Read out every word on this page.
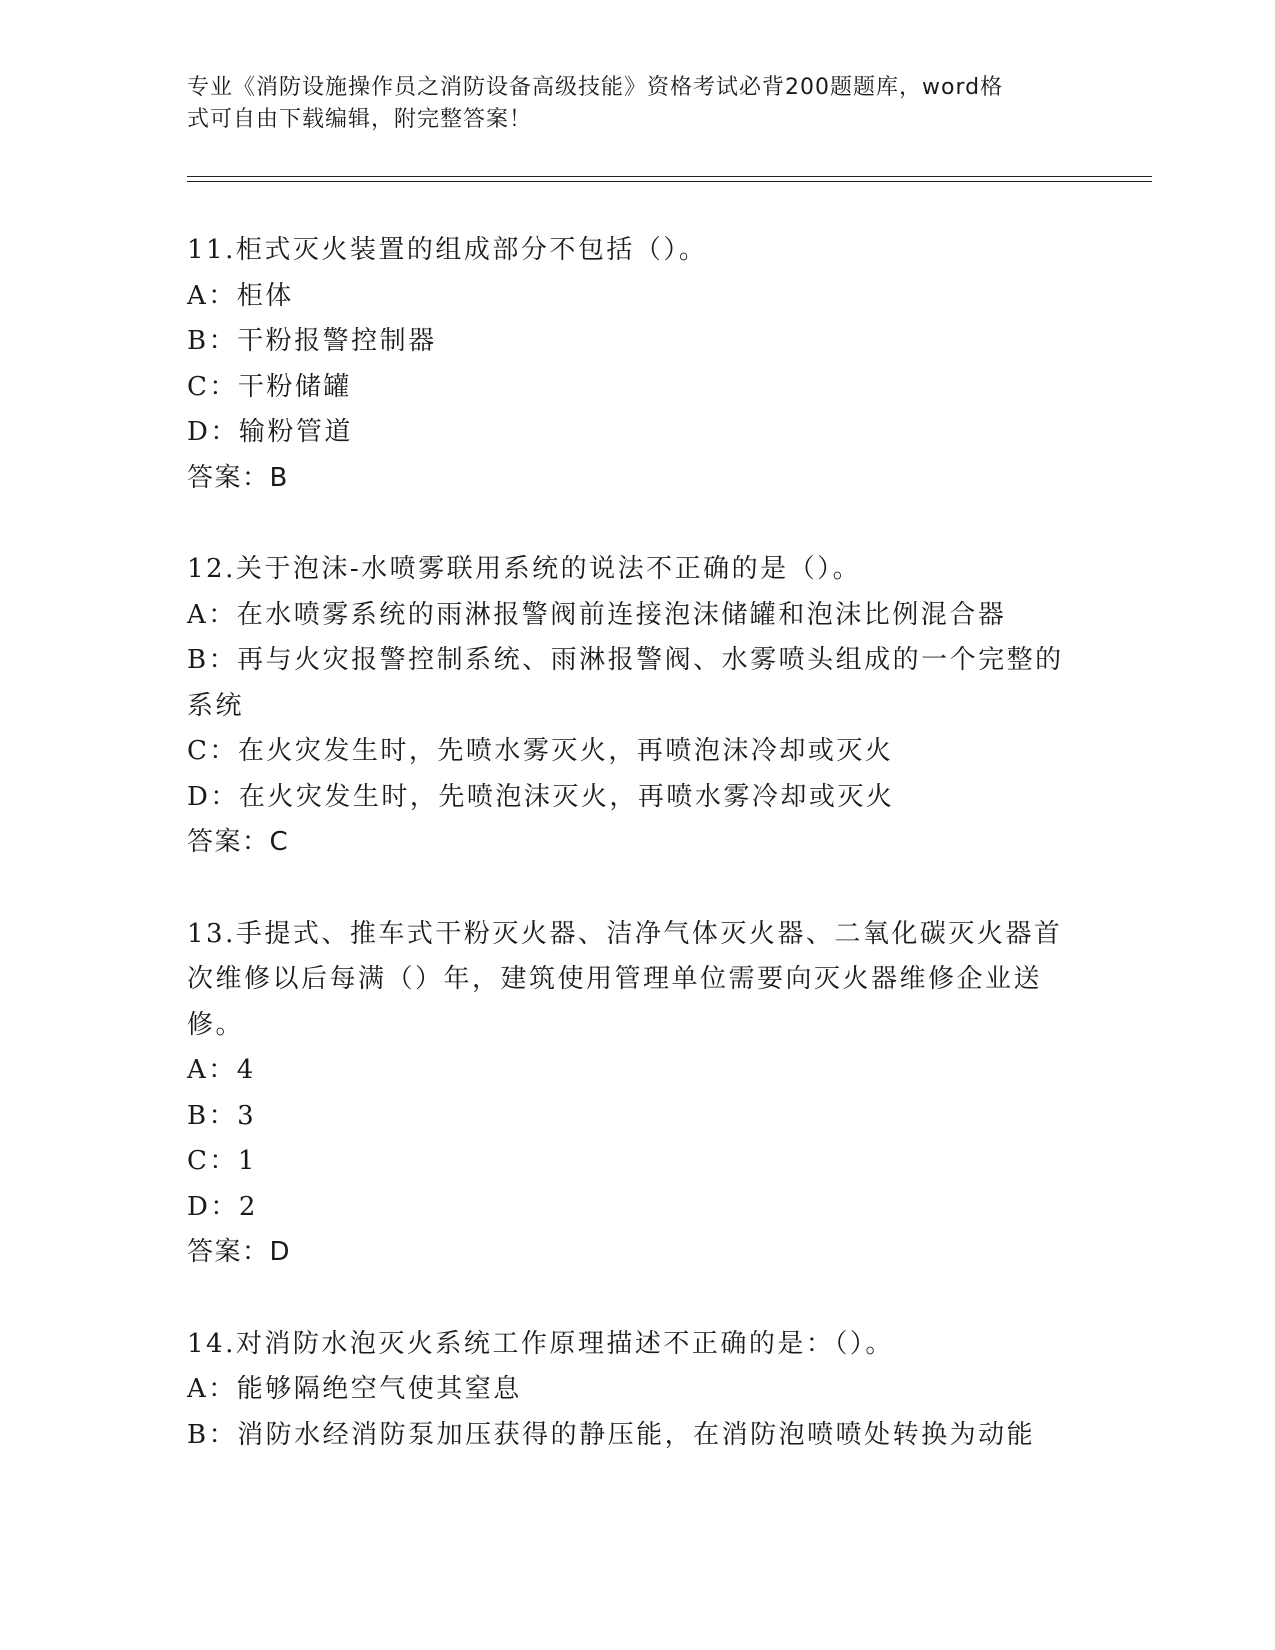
专业《消防设施操作员之消防设备高级技能》资格考试必背200题题库，word格
式可自由下载编辑，附完整答案！
11.柜式灭火装置的组成部分不包括（）。
A：柜体
B：干粉报警控制器
C：干粉储罐
D：输粉管道
答案：B
12.关于泡沫-水喷雾联用系统的说法不正确的是（）。
A：在水喷雾系统的雨淋报警阀前连接泡沫储罐和泡沫比例混合器
B：再与火灾报警控制系统、雨淋报警阀、水雾喷头组成的一个完整的
系统
C：在火灾发生时，先喷水雾灭火，再喷泡沫冷却或灭火
D：在火灾发生时，先喷泡沫灭火，再喷水雾冷却或灭火
答案：C
13.手提式、推车式干粉灭火器、洁净气体灭火器、二氧化碳灭火器首
次维修以后每满（）年，建筑使用管理单位需要向灭火器维修企业送
修。
A：4
B：3
C：1
D：2
答案：D
14.对消防水泡灭火系统工作原理描述不正确的是：（）。
A：能够隔绝空气使其窒息
B：消防水经消防泵加压获得的静压能，在消防泡喷喷处转换为动能
